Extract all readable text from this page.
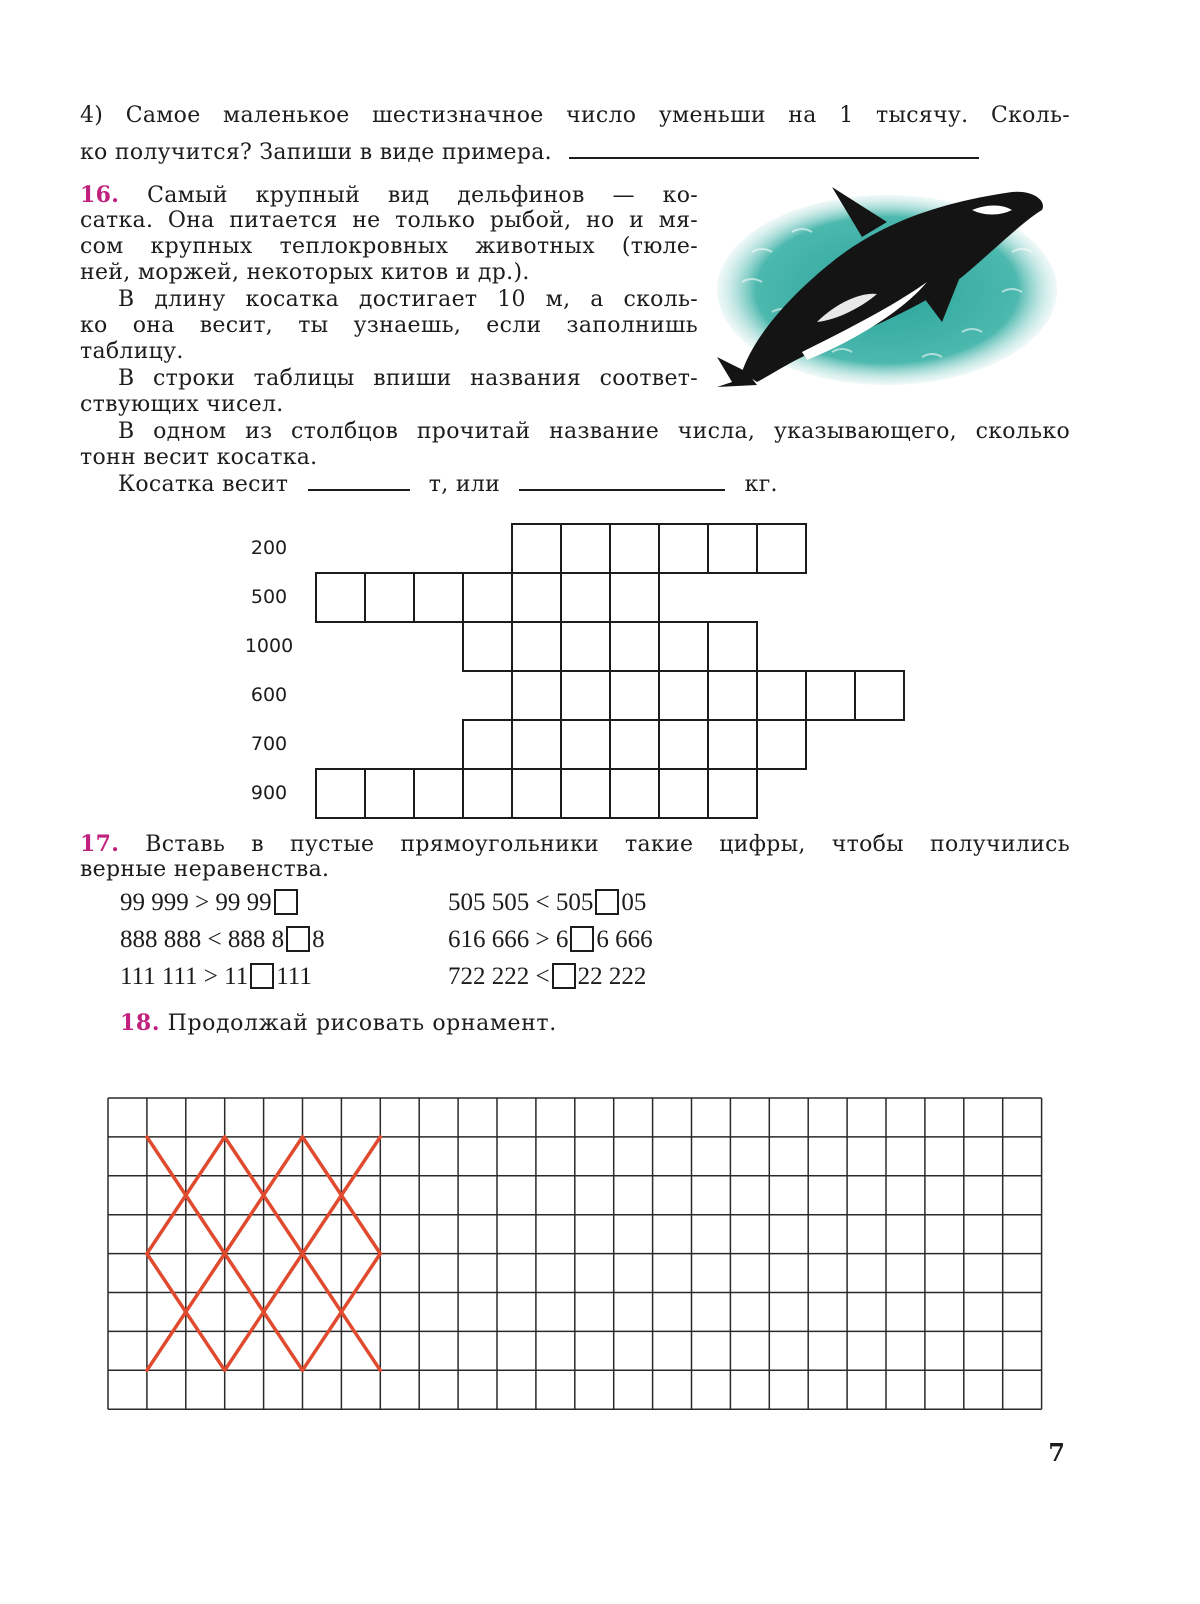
4) Самое маленькое шестизначное число уменьши на 1 тысячу. Сколь-
ко получится? Запиши в виде примера.
16. Самый крупный вид дельфинов — ко-
сатка. Она питается не только рыбой, но и мя-
сом крупных теплокровных животных (тюле-
ней, моржей, некоторых китов и др.).
В длину косатка достигает 10 м, а сколь-
ко она весит, ты узнаешь, если заполнишь
таблицу.
В строки таблицы впиши названия соответ-
ствующих чисел.
В одном из столбцов прочитай название числа, указывающего, сколько
тонн весит косатка.
Косатка весит	т, или	кг.
200
500
1000
600
700
900
17. Вставь в пустые прямоугольники такие цифры, чтобы получились
верные неравенства.
99 999 > 99 99	505 505 < 505 05
888 888 < 888 8 8	616 666 > 6 6 666
111 111 > 11 111	722 222 < 22 222
18. Продолжай рисовать орнамент.
7
